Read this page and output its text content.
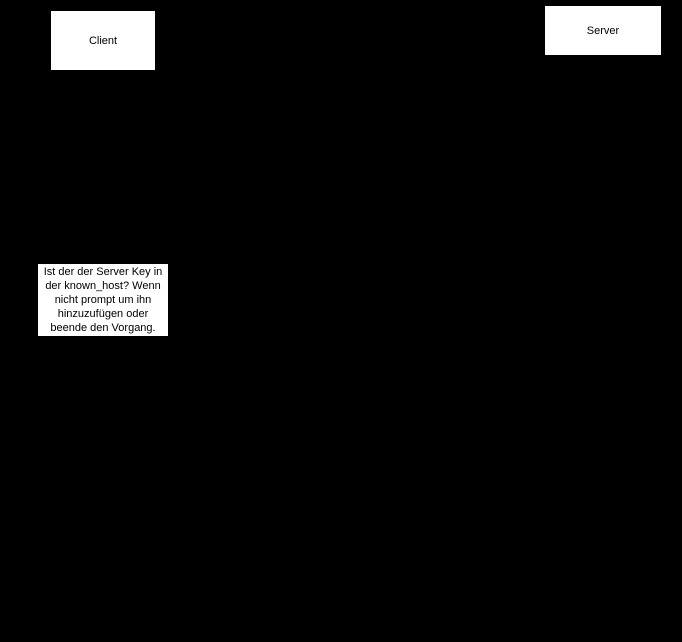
Client
Server
Ist der der Server Key in der known_host? Wenn nicht prompt um ihn hinzuzufügen oder beende den Vorgang.
